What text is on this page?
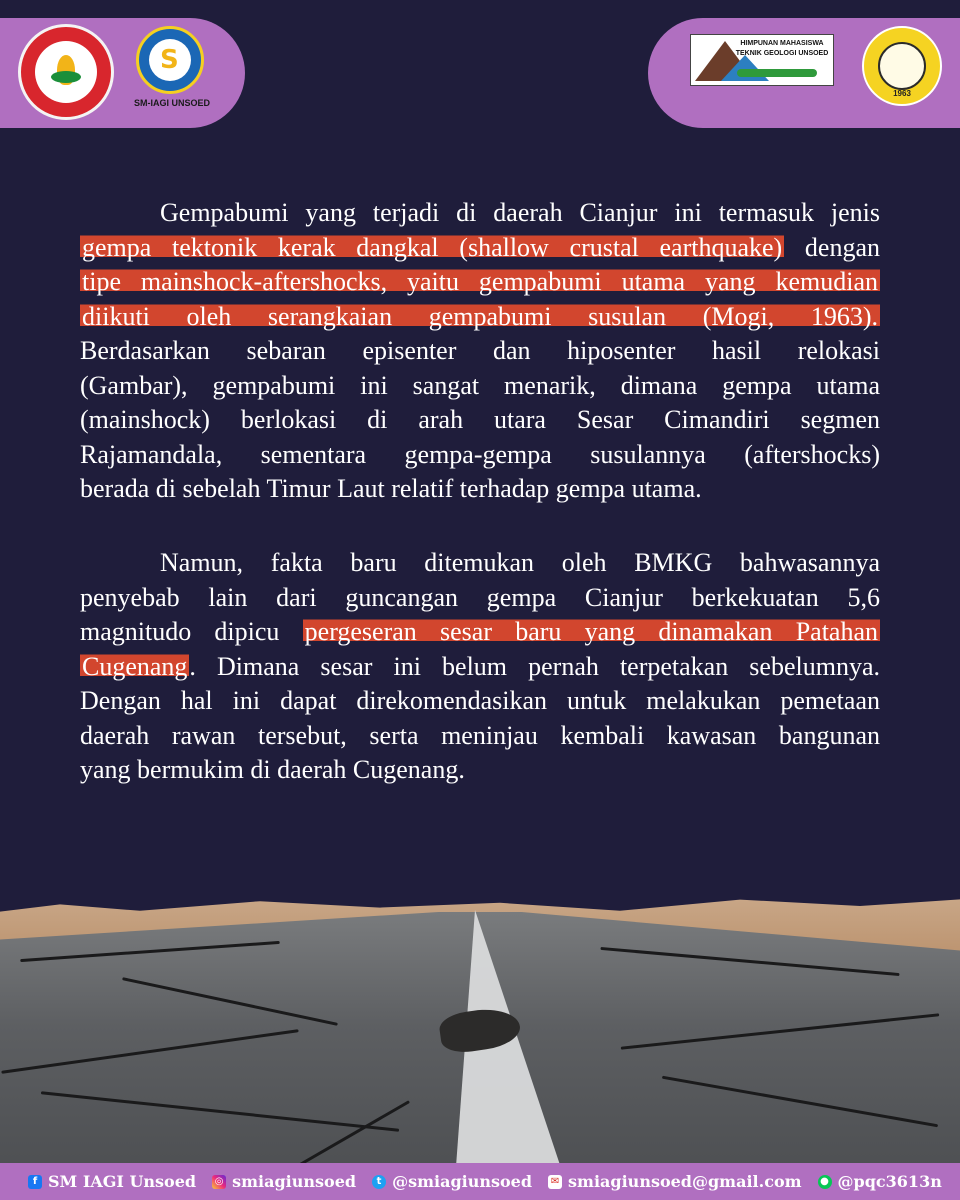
S
SM-IAGI UNSOED
HIMPUNAN MAHASISWA TEKNIK GEOLOGI UNSOED
1963
Gempabumi yang terjadi di daerah Cianjur ini termasuk jenis
gempa tektonik kerak dangkal (shallow crustal earthquake) dengan
tipe mainshock-aftershocks, yaitu gempabumi utama yang kemudian
diikuti oleh serangkaian gempabumi susulan (Mogi, 1963).
Berdasarkan sebaran episenter dan hiposenter hasil relokasi
(Gambar), gempabumi ini sangat menarik, dimana gempa utama
(mainshock) berlokasi di arah utara Sesar Cimandiri segmen
Rajamandala, sementara gempa-gempa susulannya (aftershocks)
berada di sebelah Timur Laut relatif terhadap gempa utama.
Namun, fakta baru ditemukan oleh BMKG bahwasannya
penyebab lain dari guncangan gempa Cianjur berkekuatan 5,6
magnitudo dipicu pergeseran sesar baru yang dinamakan Patahan
Cugenang. Dimana sesar ini belum pernah terpetakan sebelumnya.
Dengan hal ini dapat direkomendasikan untuk melakukan pemetaan
daerah rawan tersebut, serta meninjau kembali kawasan bangunan
yang bermukim di daerah Cugenang.
f SM IAGI Unsoed ◎ smiagiunsoed	t @smiagiunsoed ✉ smiagiunsoed@gmail.com ● @pqc3613n
